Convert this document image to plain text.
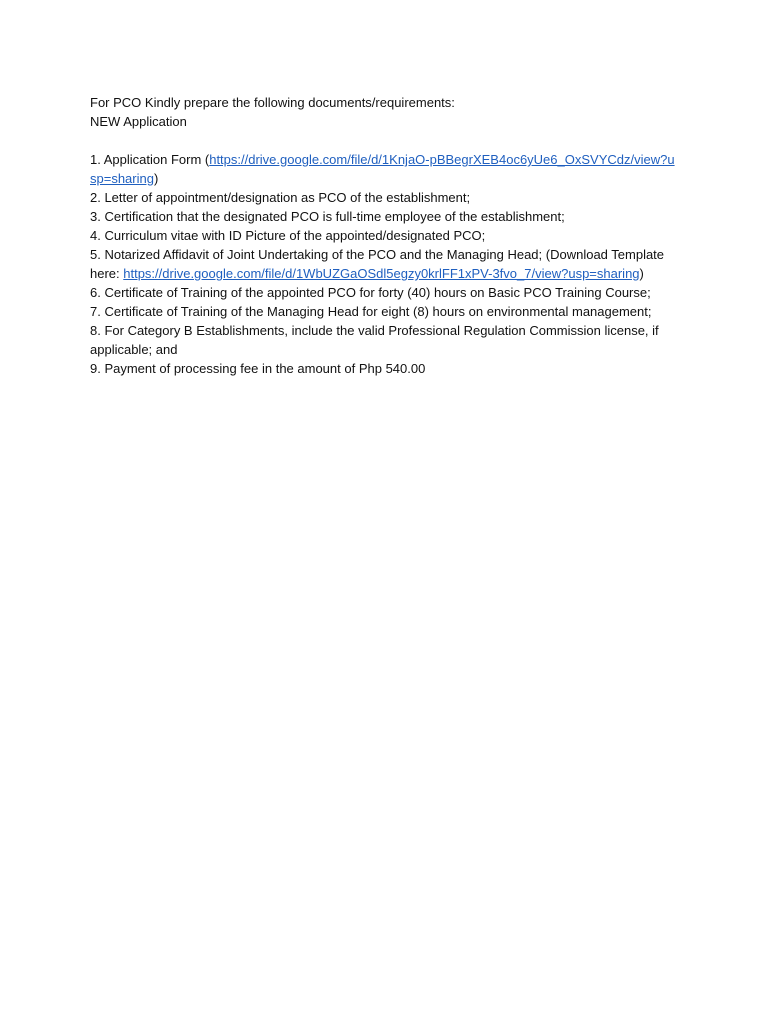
For PCO Kindly prepare the following documents/requirements:
NEW Application
1. Application Form (https://drive.google.com/file/d/1KnjaO-pBBegrXEB4oc6yUe6_OxSVYCdz/view?usp=sharing)
2. Letter of appointment/designation as PCO of the establishment;
3. Certification that the designated PCO is full-time employee of the establishment;
4. Curriculum vitae with ID Picture of the appointed/designated PCO;
5. Notarized Affidavit of Joint Undertaking of the PCO and the Managing Head; (Download Template here: https://drive.google.com/file/d/1WbUZGaOSdl5egzy0krlFF1xPV-3fvo_7/view?usp=sharing)
6. Certificate of Training of the appointed PCO for forty (40) hours on Basic PCO Training Course;
7. Certificate of Training of the Managing Head for eight (8) hours on environmental management;
8. For Category B Establishments, include the valid Professional Regulation Commission license, if applicable; and
9. Payment of processing fee in the amount of Php 540.00
